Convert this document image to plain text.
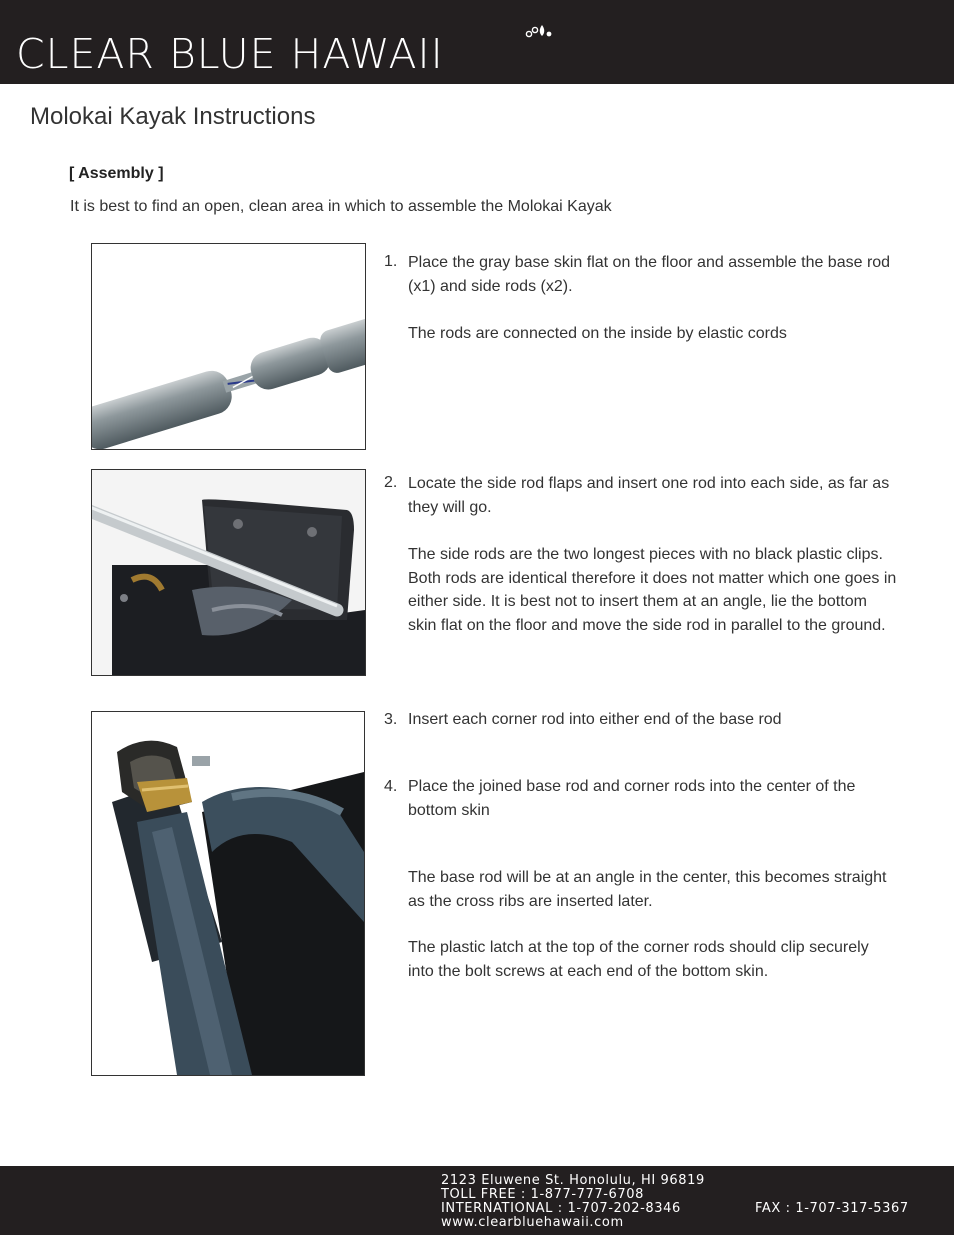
CLEAR BLUE HAWAII
Molokai Kayak Instructions
[ Assembly ]
It is best to find an open, clean area in which to assemble the Molokai Kayak
1. Place the gray base skin flat on the floor and assemble the base rod (x1) and side rods (x2).
The rods are connected on the inside by elastic cords
2. Locate the side rod flaps and insert one rod into each side, as far as they will go.
The side rods are the two longest pieces with no black plastic clips. Both rods are identical therefore it does not matter which one goes in either side. It is best not to insert them at an angle, lie the bottom skin flat on the floor and move the side rod in parallel to the ground.
3. Insert each corner rod into either end of the base rod
4. Place the joined base rod and corner rods into the center of the bottom skin
The base rod will be at an angle in the center, this becomes straight as the cross ribs are inserted later.
The plastic latch at the top of the corner rods should clip securely into the bolt screws at each end of the bottom skin.
2123 Eluwene St. Honolulu, HI 96819
TOLL FREE : 1-877-777-6708
INTERNATIONAL : 1-707-202-8346
www.clearbluehawaii.com
FAX : 1-707-317-5367
